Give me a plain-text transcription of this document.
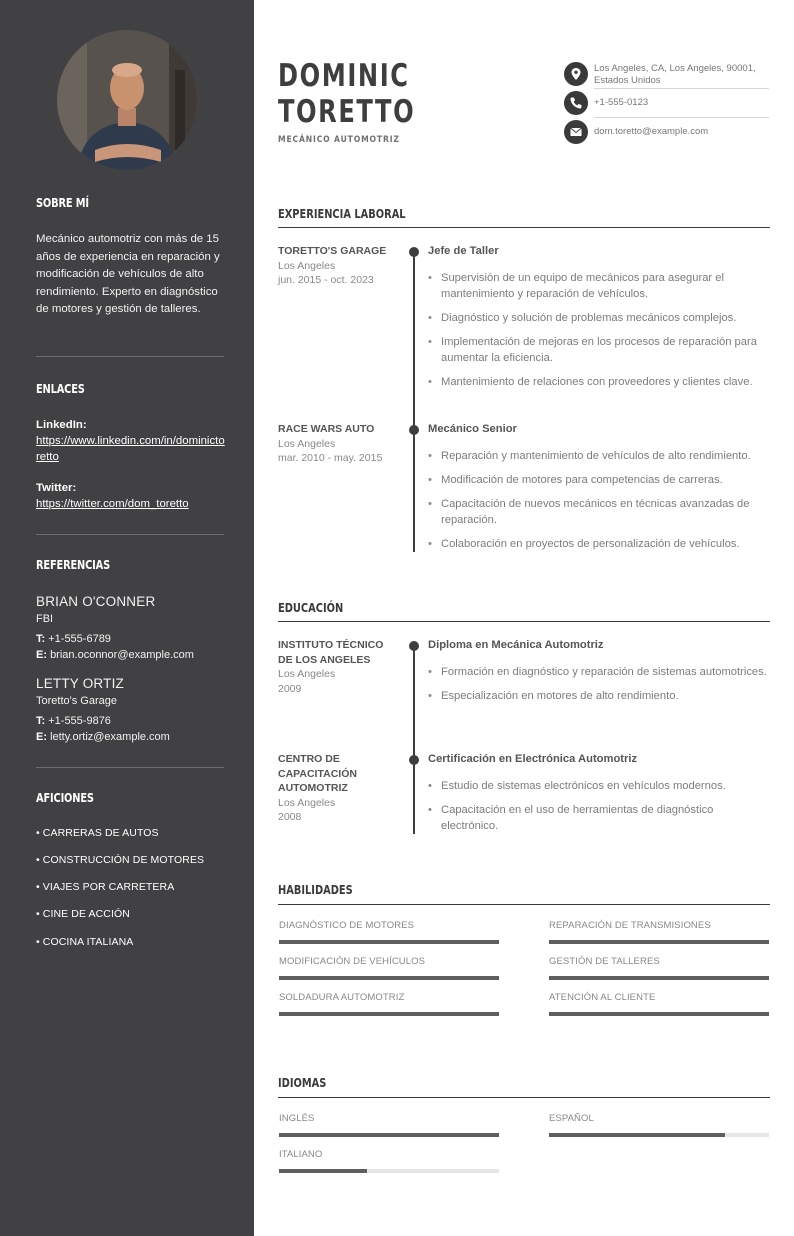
SOBRE MÍ
Mecánico automotriz con más de 15 años de experiencia en reparación y modificación de vehículos de alto rendimiento. Experto en diagnóstico de motores y gestión de talleres.
ENLACES
LinkedIn:
https://www.linkedin.com/in/dominictoretto
Twitter:
https://twitter.com/dom_toretto
REFERENCIAS
BRIAN O'CONNER
FBI
T: +1-555-6789
E: brian.oconnor@example.com
LETTY ORTIZ
Toretto's Garage
T: +1-555-9876
E: letty.ortiz@example.com
AFICIONES
• CARRERAS DE AUTOS
• CONSTRUCCIÓN DE MOTORES
• VIAJES POR CARRETERA
• CINE DE ACCIÓN
• COCINA ITALIANA
DOMINIC
TORETTO
MECÁNICO AUTOMOTRIZ
Los Angeles, CA, Los Angeles, 90001, Estados Unidos
+1-555-0123
dom.toretto@example.com
EXPERIENCIA LABORAL
TORETTO'S GARAGE
Los Angeles
jun. 2015 - oct. 2023
Jefe de Taller
• Supervisión de un equipo de mecánicos para asegurar el mantenimiento y reparación de vehículos.
• Diagnóstico y solución de problemas mecánicos complejos.
• Implementación de mejoras en los procesos de reparación para aumentar la eficiencia.
• Mantenimiento de relaciones con proveedores y clientes clave.
RACE WARS AUTO
Los Angeles
mar. 2010 - may. 2015
Mecánico Senior
• Reparación y mantenimiento de vehículos de alto rendimiento.
• Modificación de motores para competencias de carreras.
• Capacitación de nuevos mecánicos en técnicas avanzadas de reparación.
• Colaboración en proyectos de personalización de vehículos.
EDUCACIÓN
INSTITUTO TÉCNICO DE LOS ANGELES
Los Angeles
2009
Diploma en Mecánica Automotriz
• Formación en diagnóstico y reparación de sistemas automotrices.
• Especialización en motores de alto rendimiento.
CENTRO DE CAPACITACIÓN AUTOMOTRIZ
Los Angeles
2008
Certificación en Electrónica Automotriz
• Estudio de sistemas electrónicos en vehículos modernos.
• Capacitación en el uso de herramientas de diagnóstico electrónico.
HABILIDADES
DIAGNÓSTICO DE MOTORES	REPARACIÓN DE TRANSMISIONES
MODIFICACIÓN DE VEHÍCULOS	GESTIÓN DE TALLERES
SOLDADURA AUTOMOTRIZ	ATENCIÓN AL CLIENTE
IDIOMAS
INGLÉS	ESPAÑOL
ITALIANO
